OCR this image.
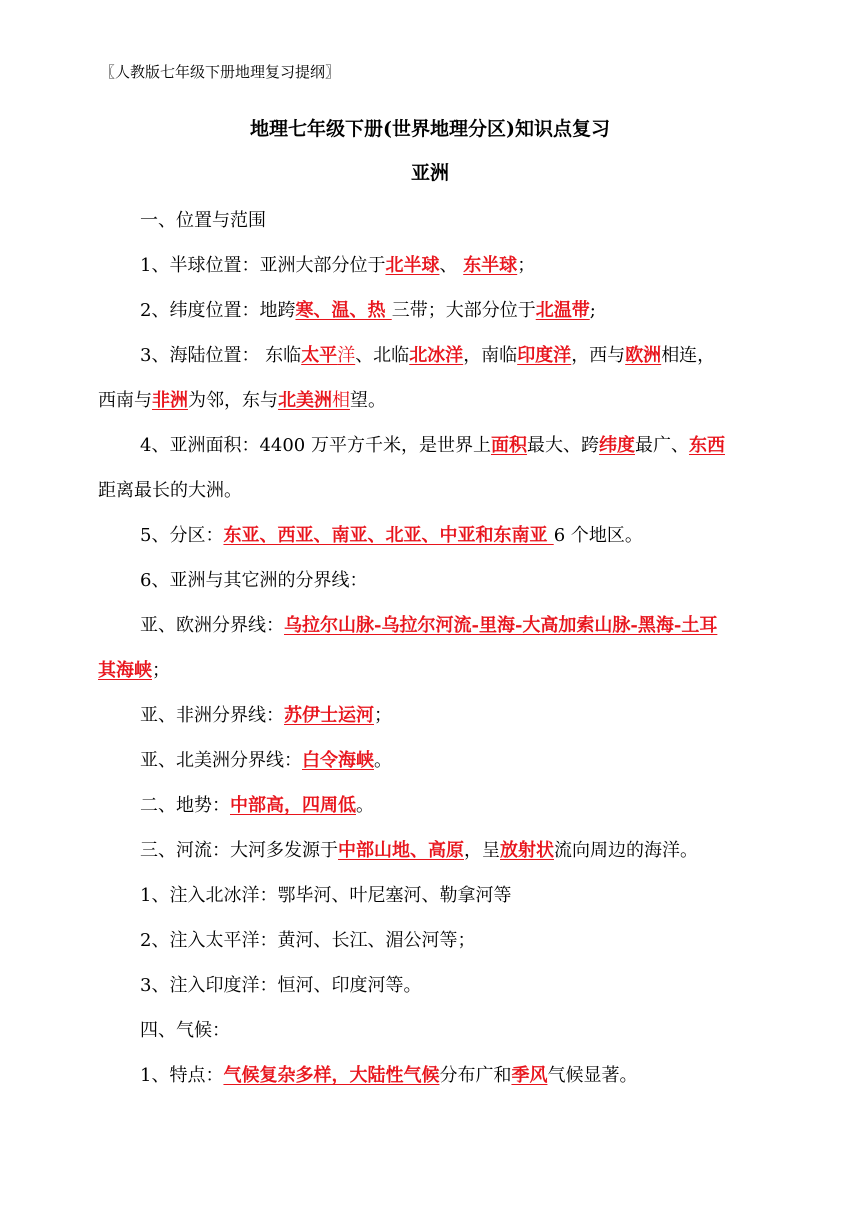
〖人教版七年级下册地理复习提纲〗
地理七年级下册(世界地理分区)知识点复习
亚洲

一、位置与范围

1、半球位置：亚洲大部分位于北半球、 东半球；

2、纬度位置：地跨寒、温、热 三带；大部分位于北温带;

3、海陆位置： 东临太平洋、北临北冰洋，南临印度洋，西与欧洲相连，

西南与非洲为邻，东与北美洲相望。

4、亚洲面积：4400 万平方千米，是世界上面积最大、跨纬度最广、东西

距离最长的大洲。

5、分区：东亚、西亚、南亚、北亚、中亚和东南亚 6 个地区。

6、亚洲与其它洲的分界线：

亚、欧洲分界线：乌拉尔山脉-乌拉尔河流-里海-大高加索山脉-黑海-土耳

其海峡；

亚、非洲分界线：苏伊士运河；

亚、北美洲分界线：白令海峡。

二、地势：中部高，四周低。

三、河流：大河多发源于中部山地、高原，呈放射状流向周边的海洋。

1、注入北冰洋：鄂毕河、叶尼塞河、勒拿河等

2、注入太平洋：黄河、长江、湄公河等；

3、注入印度洋：恒河、印度河等。

四、气候：

1、特点：气候复杂多样，大陆性气候分布广和季风气候显著。
